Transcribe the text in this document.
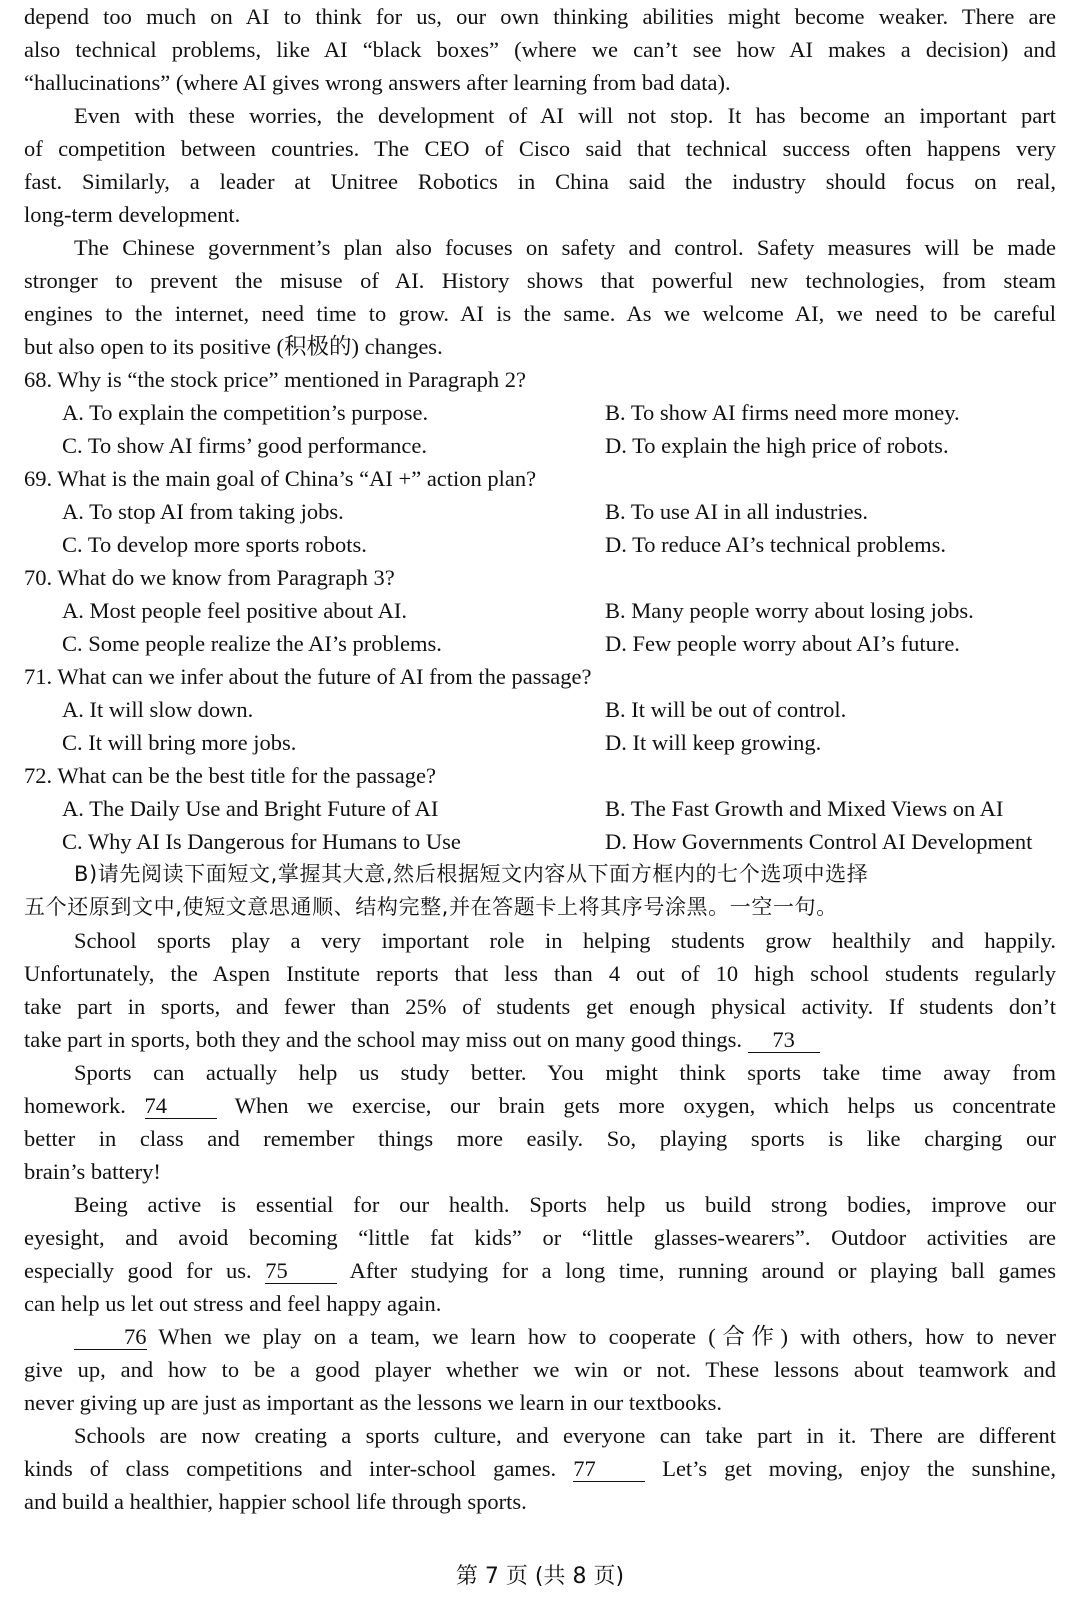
depend too much on AI to think for us, our own thinking abilities might become weaker. There are
also technical problems, like AI “black boxes” (where we can’t see how AI makes a decision) and
“hallucinations” (where AI gives wrong answers after learning from bad data).
Even with these worries, the development of AI will not stop. It has become an important part
of competition between countries. The CEO of Cisco said that technical success often happens very
fast. Similarly, a leader at Unitree Robotics in China said the industry should focus on real,
long-term development.
The Chinese government’s plan also focuses on safety and control. Safety measures will be made
stronger to prevent the misuse of AI. History shows that powerful new technologies, from steam
engines to the internet, need time to grow. AI is the same. As we welcome AI, we need to be careful
but also open to its positive (积极的) changes.
68. Why is “the stock price” mentioned in Paragraph 2?
A. To explain the competition’s purpose.	B. To show AI firms need more money.
C. To show AI firms’ good performance.	D. To explain the high price of robots.
69. What is the main goal of China’s “AI +” action plan?
A. To stop AI from taking jobs.	B. To use AI in all industries.
C. To develop more sports robots.	D. To reduce AI’s technical problems.
70. What do we know from Paragraph 3?
A. Most people feel positive about AI.	B. Many people worry about losing jobs.
C. Some people realize the AI’s problems.	D. Few people worry about AI’s future.
71. What can we infer about the future of AI from the passage?
A. It will slow down.	B. It will be out of control.
C. It will bring more jobs.	D. It will keep growing.
72. What can be the best title for the passage?
A. The Daily Use and Bright Future of AI	B. The Fast Growth and Mixed Views on AI
C. Why AI Is Dangerous for Humans to Use	D. How Governments Control AI Development
B)请先阅读下面短文,掌握其大意,然后根据短文内容从下面方框内的七个选项中选择
五个还原到文中,使短文意思通顺、结构完整,并在答题卡上将其序号涂黑。一空一句。
School sports play a very important role in helping students grow healthily and happily.
Unfortunately, the Aspen Institute reports that less than 4 out of 10 high school students regularly
take part in sports, and fewer than 25% of students get enough physical activity. If students don’t
take part in sports, both they and the school may miss out on many good things. 73
Sports can actually help us study better. You might think sports take time away from
homework. 74	When we exercise, our brain gets more oxygen, which helps us concentrate
better in class and remember things more easily. So, playing sports is like charging our
brain’s battery!
Being active is essential for our health. Sports help us build strong bodies, improve our
eyesight, and avoid becoming “little fat kids” or “little glasses-wearers”. Outdoor activities are
especially good for us. 75	After studying for a long time, running around or playing ball games
can help us let out stress and feel happy again.
76 When we play on a team, we learn how to cooperate (合作) with others, how to never
give up, and how to be a good player whether we win or not. These lessons about teamwork and
never giving up are just as important as the lessons we learn in our textbooks.
Schools are now creating a sports culture, and everyone can take part in it. There are different
kinds of class competitions and inter-school games. 77	Let’s get moving, enjoy the sunshine,
and build a healthier, happier school life through sports.
第 7 页 (共 8 页)
